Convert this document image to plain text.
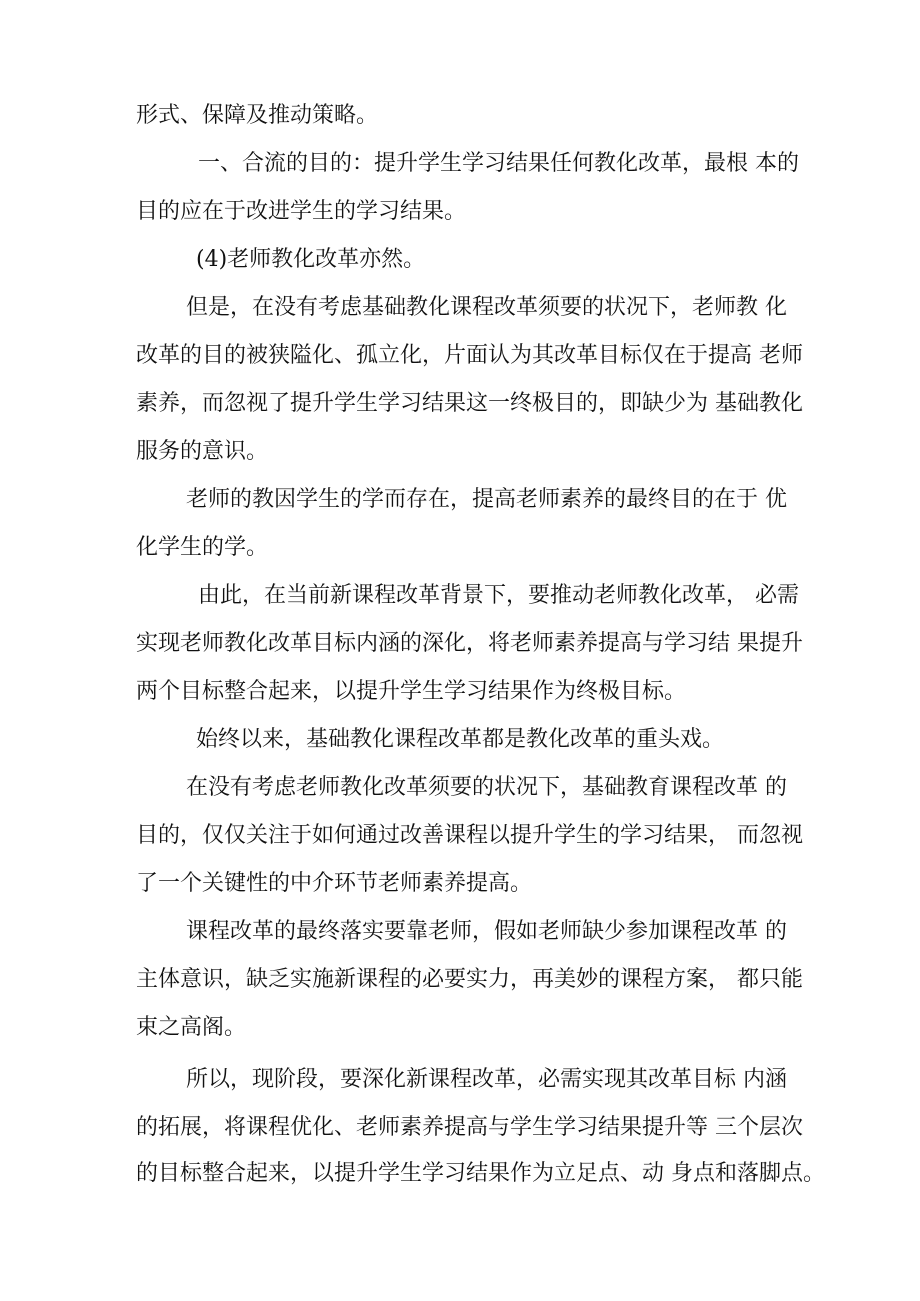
形式、保障及推动策略。
一、合流的目的：提升学生学习结果任何教化改革，最根 本的
目的应在于改进学生的学习结果。
(4)老师教化改革亦然。
但是，在没有考虑基础教化课程改革须要的状况下，老师教 化
改革的目的被狭隘化、孤立化，片面认为其改革目标仅在于提高 老师
素养，而忽视了提升学生学习结果这一终极目的，即缺少为 基础教化
服务的意识。
老师的教因学生的学而存在，提高老师素养的最终目的在于 优
化学生的学。
由此，在当前新课程改革背景下，要推动老师教化改革， 必需
实现老师教化改革目标内涵的深化，将老师素养提高与学习结 果提升
两个目标整合起来，以提升学生学习结果作为终极目标。
始终以来，基础教化课程改革都是教化改革的重头戏。
在没有考虑老师教化改革须要的状况下，基础教育课程改革 的
目的，仅仅关注于如何通过改善课程以提升学生的学习结果， 而忽视
了一个关键性的中介环节老师素养提高。
课程改革的最终落实要靠老师，假如老师缺少参加课程改革 的
主体意识，缺乏实施新课程的必要实力，再美妙的课程方案， 都只能
束之高阁。
所以，现阶段，要深化新课程改革，必需实现其改革目标 内涵
的拓展，将课程优化、老师素养提高与学生学习结果提升等 三个层次
的目标整合起来，以提升学生学习结果作为立足点、动 身点和落脚点。
